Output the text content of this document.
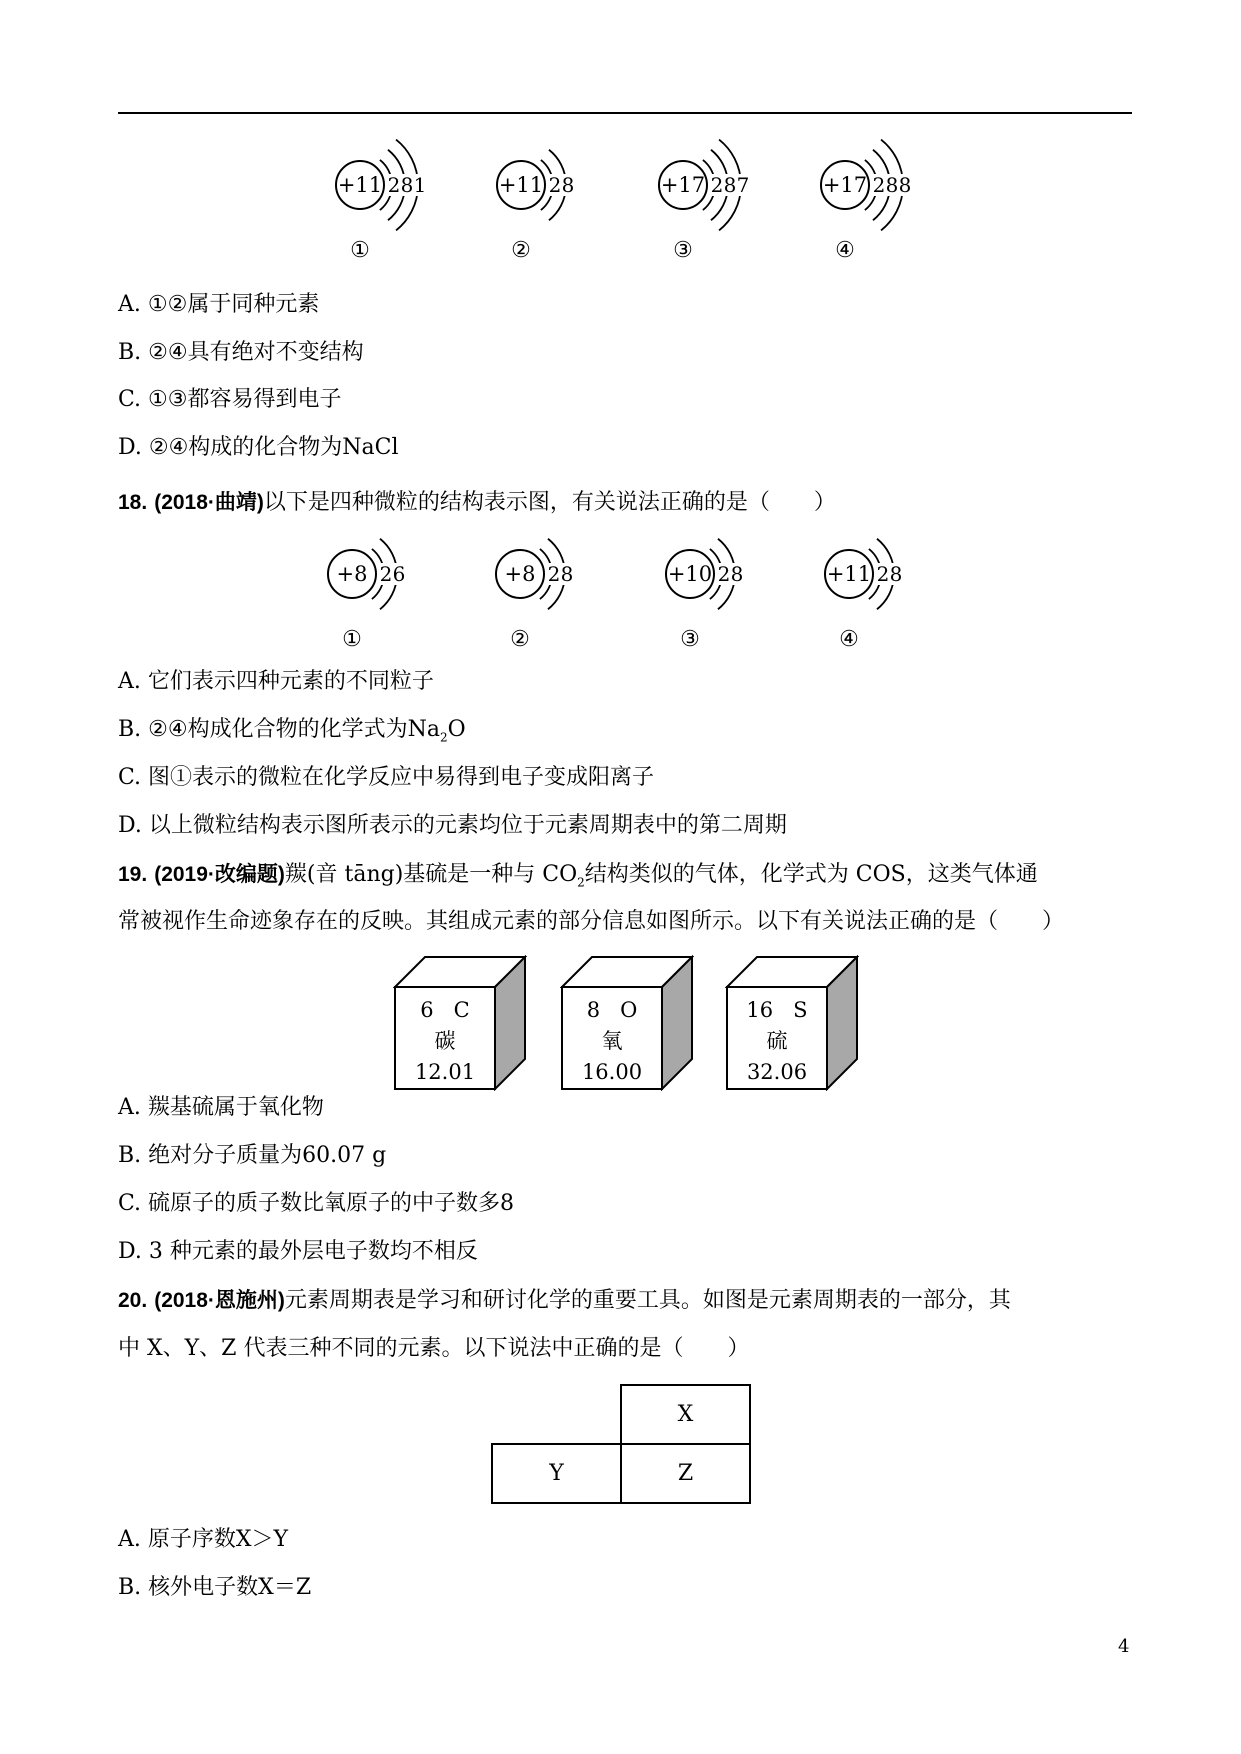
+11 2 8 1
①
+11 2 8
②
+17 2 8 7
③
+17 2 8 8
④
A. ①②属于同种元素
B. ②④具有绝对不变结构
C. ①③都容易得到电子
D. ②④构成的化合物为NaCl
18. (2018·曲靖)以下是四种微粒的结构表示图，有关说法正确的是（　　）
+8 2 6
①
+8 2 8
②
+10 2 8
③
+11 2 8
④
A. 它们表示四种元素的不同粒子
B. ②④构成化合物的化学式为$Na_2O$
C. 图①表示的微粒在化学反应中易得到电子变成阳离子
D. 以上微粒结构表示图所表示的元素均位于元素周期表中的第二周期
19. (2019·改编题)羰(音 tāng)基硫是一种与 $CO_2$结构类似的气体，化学式为 COS，这类气体通
常被视作生命迹象存在的反映。其组成元素的部分信息如图所示。以下有关说法正确的是（　　）
6   C
碳
12.01
8   O
氧
16.00
16   S
硫
32.06
A. 羰基硫属于氧化物
B. 绝对分子质量为60.07 g
C. 硫原子的质子数比氧原子的中子数多8
D. 3 种元素的最外层电子数均不相反
20. (2018·恩施州)元素周期表是学习和研讨化学的重要工具。如图是元素周期表的一部分，其
中 X、Y、Z 代表三种不同的元素。以下说法中正确的是（　　）
X
Y	Z
A. 原子序数X＞Y
B. 核外电子数X＝Z
4
